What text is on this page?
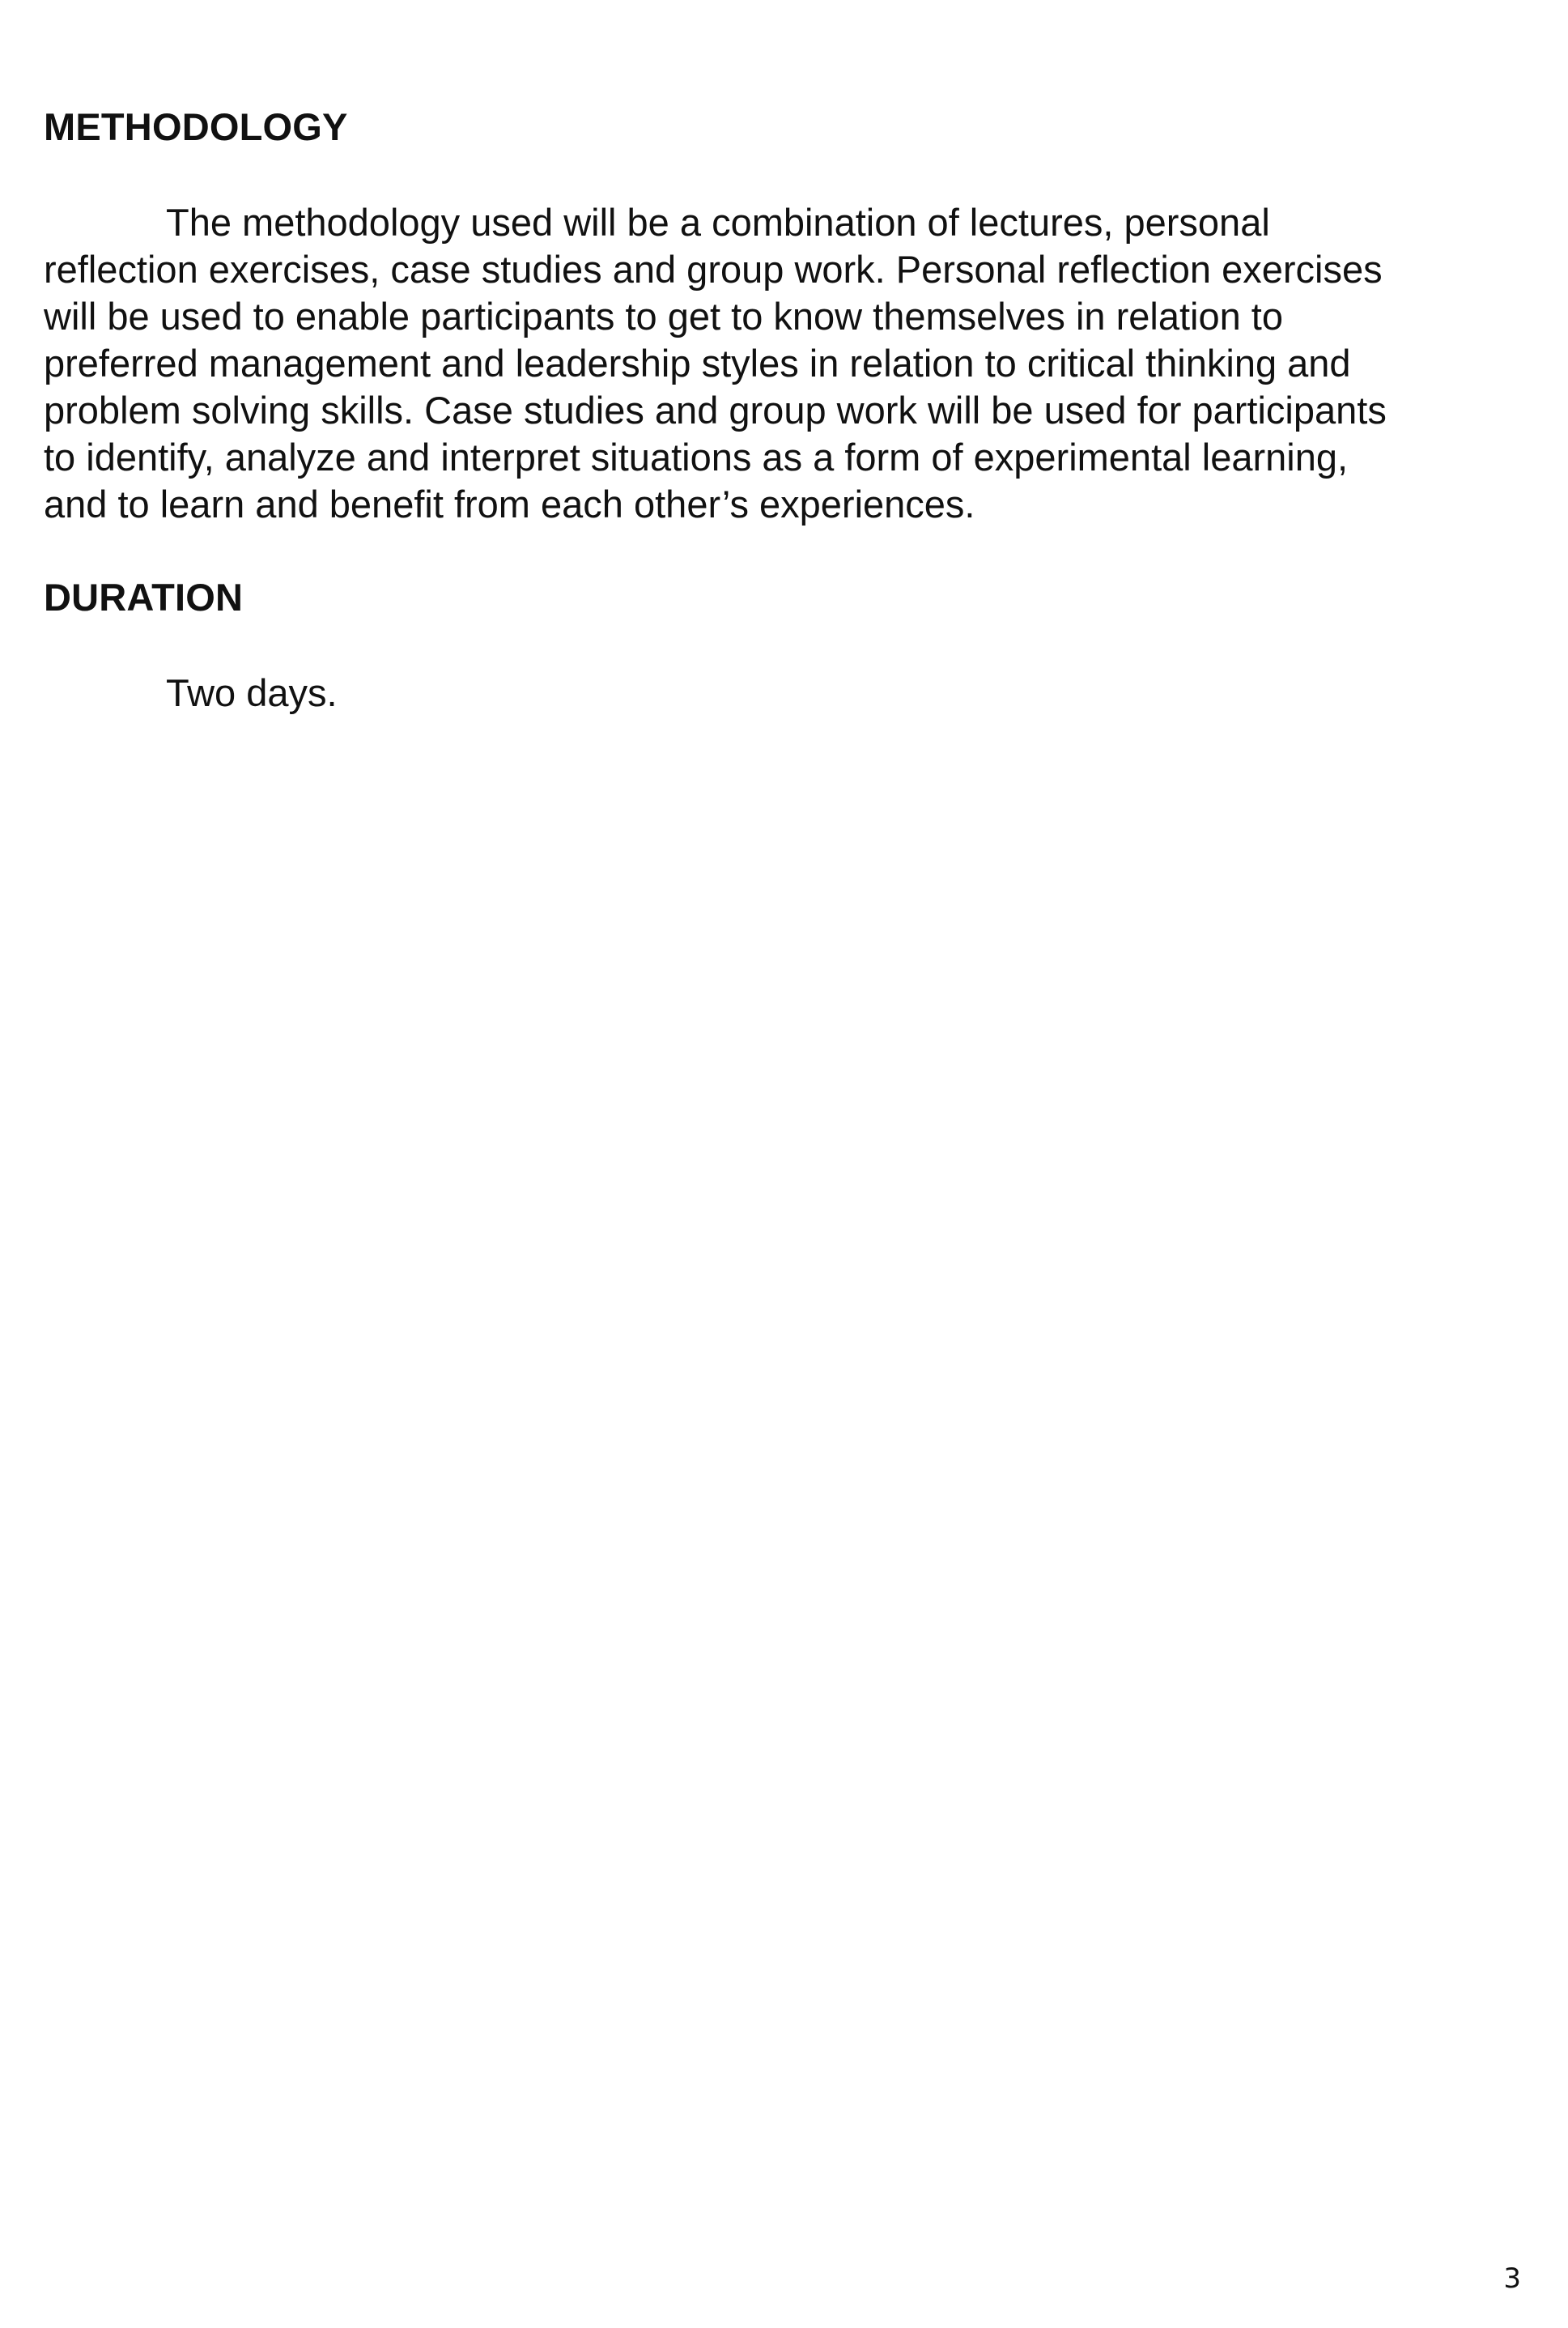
METHODOLOGY

The methodology used will be a combination of lectures, personal

reflection exercises, case studies and group work. Personal reflection exercises

will be used to enable participants to get to know themselves in relation to

preferred management and leadership styles in relation to critical thinking and

problem solving skills. Case studies and group work will be used for participants

to identify, analyze and interpret situations as a form of experimental learning,

and to learn and benefit from each other’s experiences.

DURATION

Two days.

3
